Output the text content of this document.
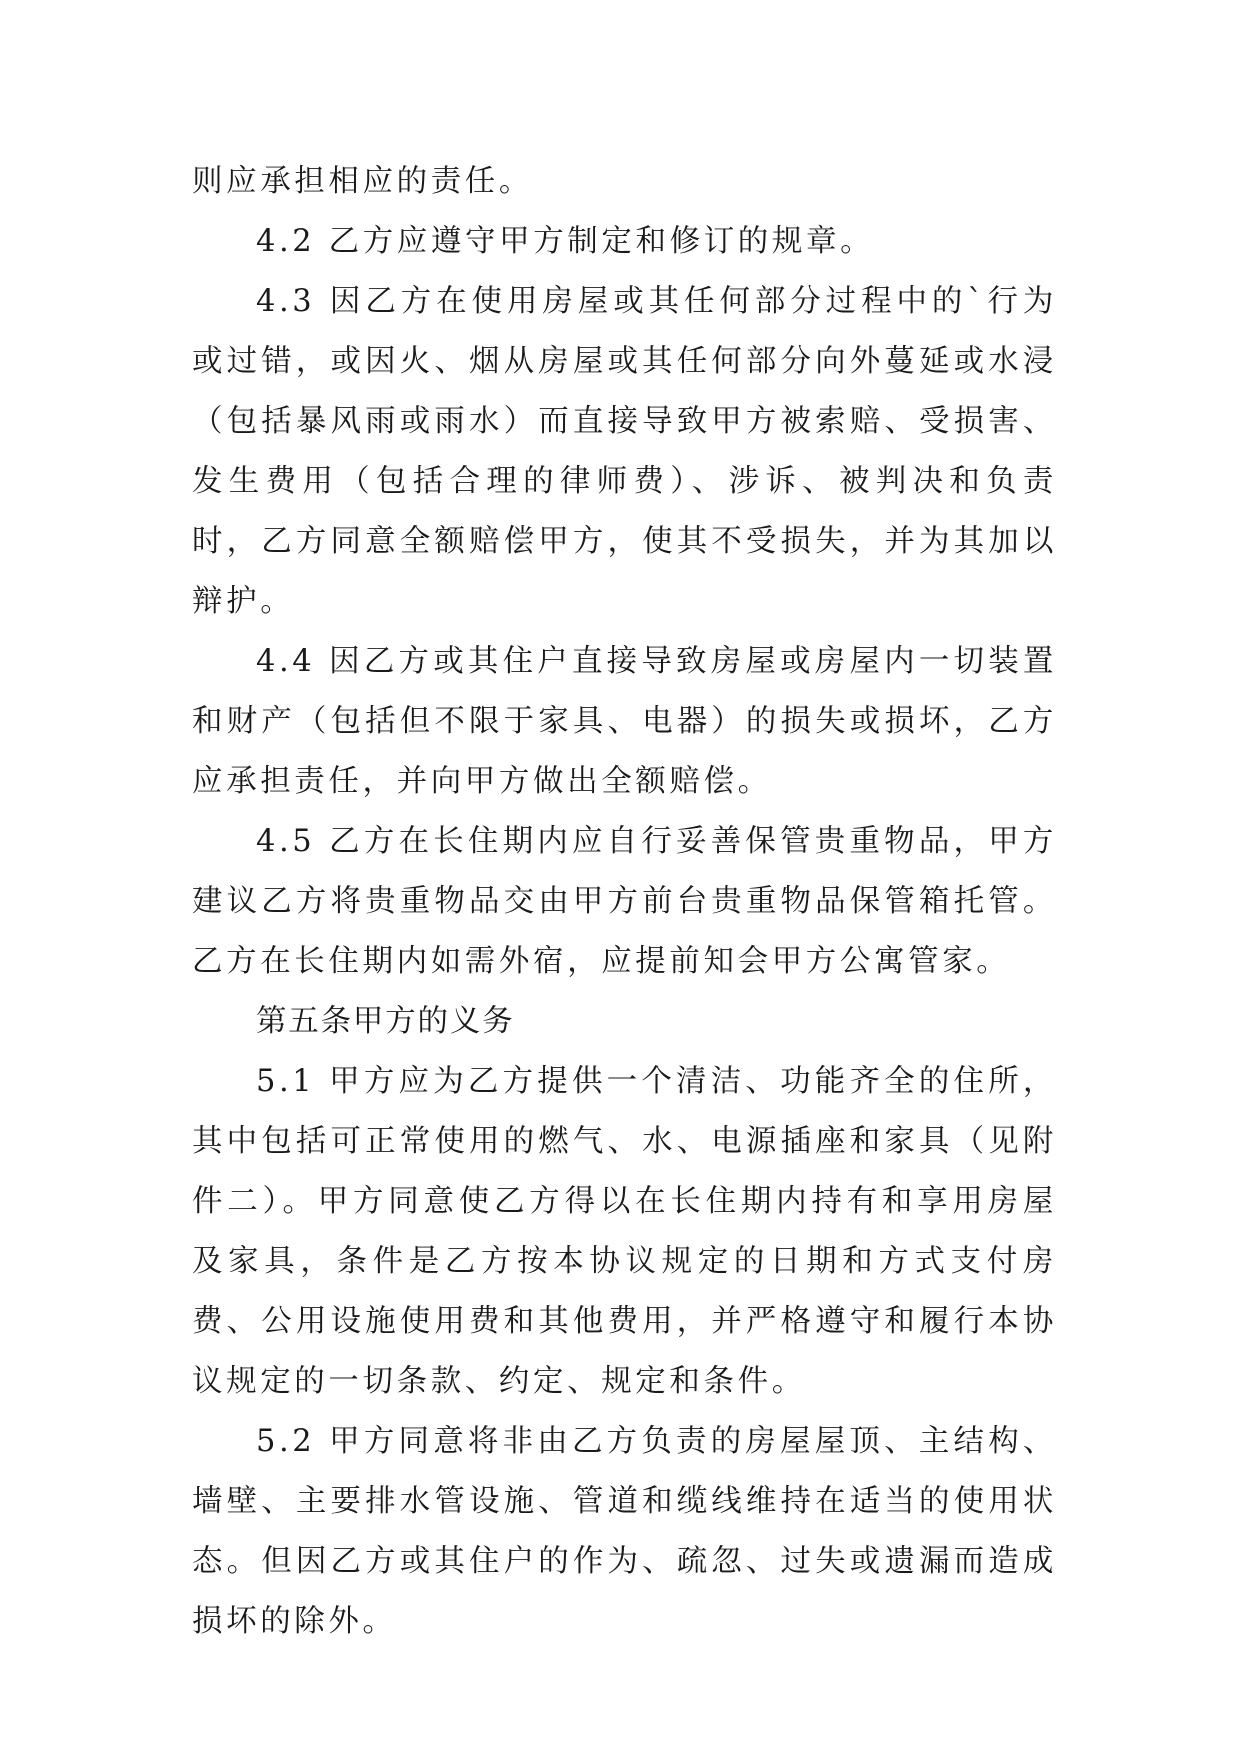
则应承担相应的责任。

4.2 乙方应遵守甲方制定和修订的规章。

4.3 因乙方在使用房屋或其任何部分过程中的`行为或过错，或因火、烟从房屋或其任何部分向外蔓延或水浸（包括暴风雨或雨水）而直接导致甲方被索赔、受损害、发生费用（包括合理的律师费）、涉诉、被判决和负责时，乙方同意全额赔偿甲方，使其不受损失，并为其加以辩护。

4.4 因乙方或其住户直接导致房屋或房屋内一切装置和财产（包括但不限于家具、电器）的损失或损坏，乙方应承担责任，并向甲方做出全额赔偿。

4.5 乙方在长住期内应自行妥善保管贵重物品，甲方建议乙方将贵重物品交由甲方前台贵重物品保管箱托管。乙方在长住期内如需外宿，应提前知会甲方公寓管家。

第五条甲方的义务

5.1 甲方应为乙方提供一个清洁、功能齐全的住所，其中包括可正常使用的燃气、水、电源插座和家具（见附件二）。甲方同意使乙方得以在长住期内持有和享用房屋及家具，条件是乙方按本协议规定的日期和方式支付房费、公用设施使用费和其他费用，并严格遵守和履行本协议规定的一切条款、约定、规定和条件。

5.2 甲方同意将非由乙方负责的房屋屋顶、主结构、墙壁、主要排水管设施、管道和缆线维持在适当的使用状态。但因乙方或其住户的作为、疏忽、过失或遗漏而造成损坏的除外。
